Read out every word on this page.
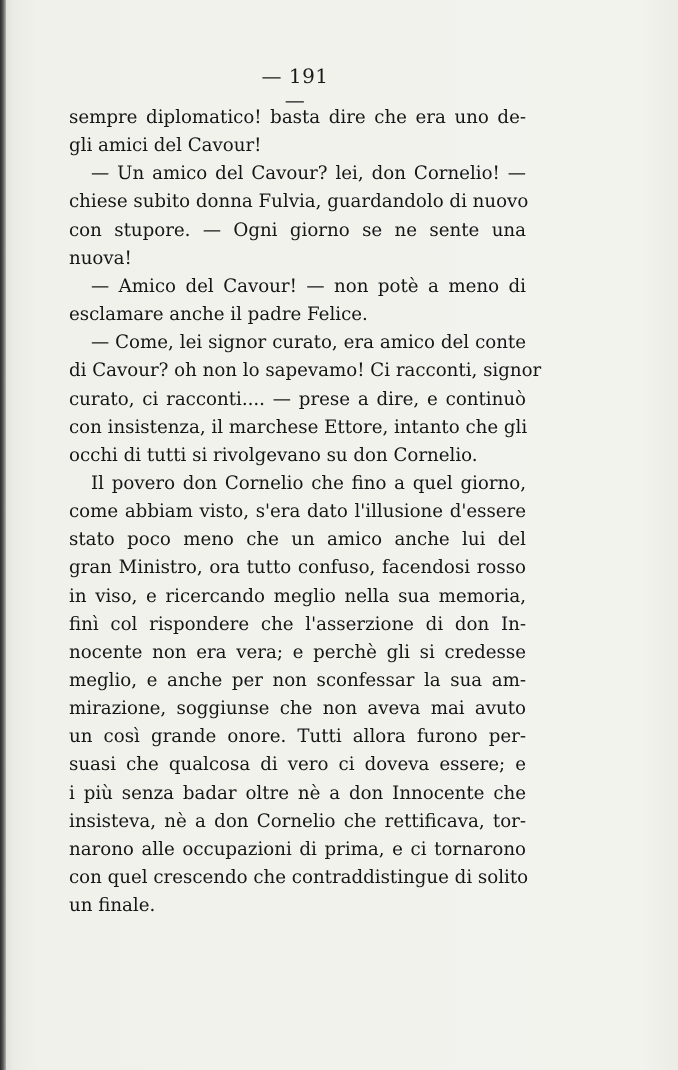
— 191 —
sempre diplomatico! basta dire che era uno de-
gli amici del Cavour!
— Un amico del Cavour? lei, don Cornelio! —
chiese subito donna Fulvia, guardandolo di nuovo
con stupore. — Ogni giorno se ne sente una
nuova!
— Amico del Cavour! — non potè a meno di
esclamare anche il padre Felice.
— Come, lei signor curato, era amico del conte
di Cavour? oh non lo sapevamo! Ci racconti, signor
curato, ci racconti.... — prese a dire, e continuò
con insistenza, il marchese Ettore, intanto che gli
occhi di tutti si rivolgevano su don Cornelio.
Il povero don Cornelio che fino a quel giorno,
come abbiam visto, s'era dato l'illusione d'essere
stato poco meno che un amico anche lui del
gran Ministro, ora tutto confuso, facendosi rosso
in viso, e ricercando meglio nella sua memoria,
finì col rispondere che l'asserzione di don In-
nocente non era vera; e perchè gli si credesse
meglio, e anche per non sconfessar la sua am-
mirazione, soggiunse che non aveva mai avuto
un così grande onore. Tutti allora furono per-
suasi che qualcosa di vero ci doveva essere; e
i più senza badar oltre nè a don Innocente che
insisteva, nè a don Cornelio che rettificava, tor-
narono alle occupazioni di prima, e ci tornarono
con quel crescendo che contraddistingue di solito
un finale.
